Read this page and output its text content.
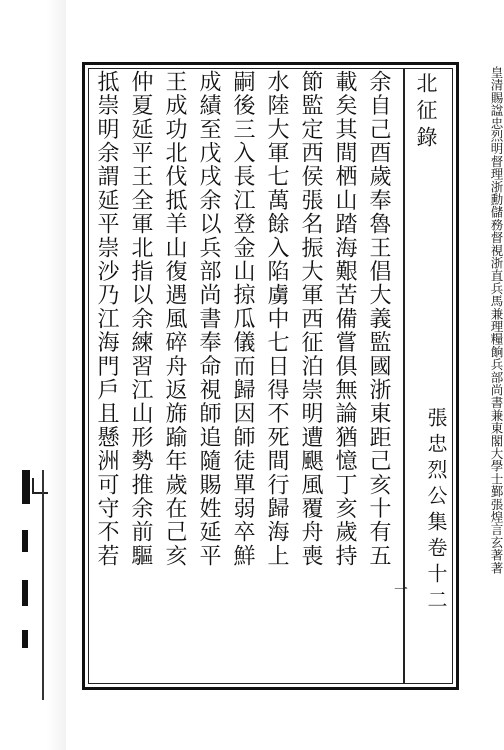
張忠烈公集卷十二
北征錄	皇清賜諡忠烈明督理浙勳儲務督視浙直兵馬兼理糧餉兵部尚書兼東閣大學士鄞張煌言玄著著
余自己酉歲奉魯王倡大義監國浙東距己亥十有五
載矣其間栖山踏海艱苦備嘗俱無論猶憶丁亥歲持
節監定西侯張名振大軍西征泊崇明遭颶風覆舟喪
水陸大軍七萬餘入陷虜中七日得不死間行歸海上
嗣後三入長江登金山掠瓜儀而歸因師徒單弱卒鮮
成績至戊戌余以兵部尚書奉命視師追隨賜姓延平
王成功北伐抵羊山復遇風碎舟返旆踰年歲在己亥
仲夏延平王全軍北指以余練習江山形勢推余前驅
抵崇明余謂延平崇沙乃江海門戶且懸洲可守不若
一
